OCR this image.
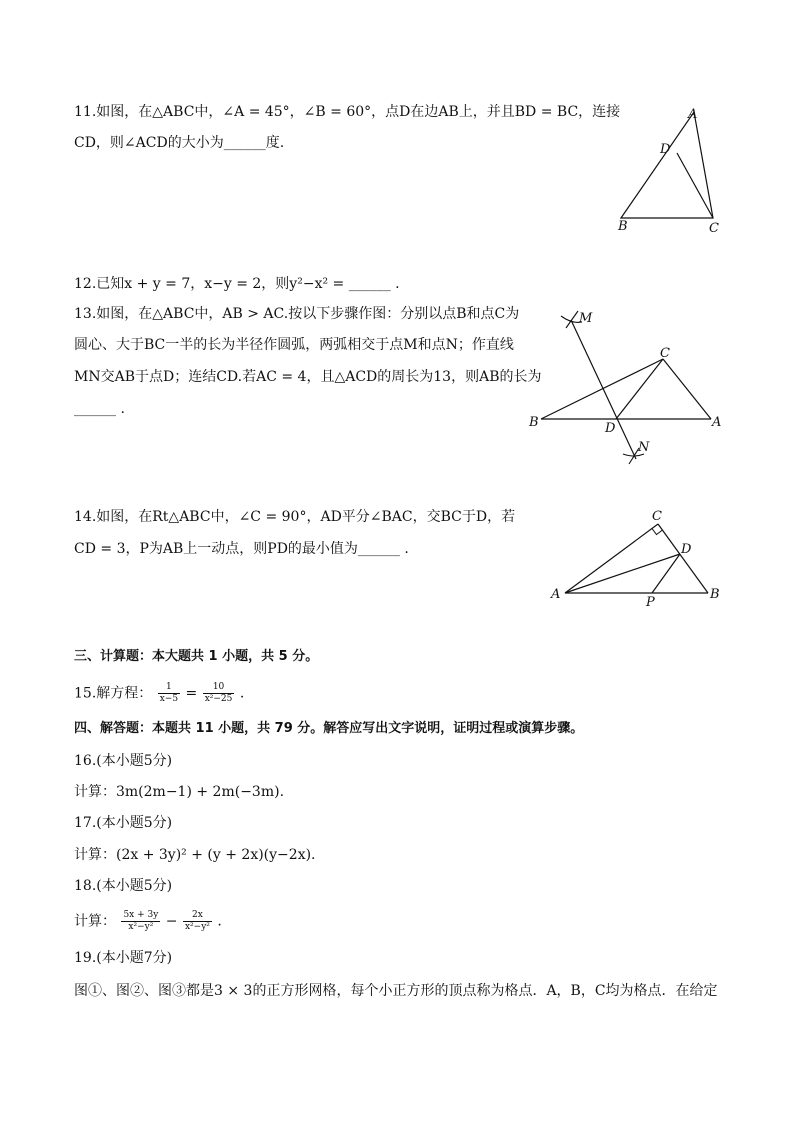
11.如图，在△ABC中，∠A = 45°，∠B = 60°，点D在边AB上，并且BD = BC，连接
CD，则∠ACD的大小为______度.
A
D
B	C
12.已知x + y = 7，x−y = 2，则y²−x² = ______ .
13.如图，在△ABC中，AB > AC.按以下步骤作图：分别以点B和点C为
圆心、大于BC一半的长为半径作圆弧，两弧相交于点M和点N；作直线
MN交AB于点D；连结CD.若AC = 4，且△ACD的周长为13，则AB的长为
______ .
M
N
C
B	A
D
14.如图，在Rt△ABC中，∠C = 90°，AD平分∠BAC，交BC于D，若
CD = 3，P为AB上一动点，则PD的最小值为______ .
C
D
A	B
P
三、计算题：本大题共 1 小题，共 5 分。
15.解方程： $\frac{1}{x-5} = \frac{10}{\text{x²−25}}$ .
四、解答题：本题共 11 小题，共 79 分。解答应写出文字说明，证明过程或演算步骤。
16.(本小题5分)
计算：3m(2m−1) + 2m(−3m).
17.(本小题5分)
计算：(2x + 3y)² + (y + 2x)(y−2x).
18.(本小题5分)
计算： $\frac{5x + 3y}{\text{x²−y²}} - \frac{2x}{\text{x²−y²}}$ .
19.(本小题7分)
图①、图②、图③都是3 × 3的正方形网格，每个小正方形的顶点称为格点．A，B，C均为格点．在给定
